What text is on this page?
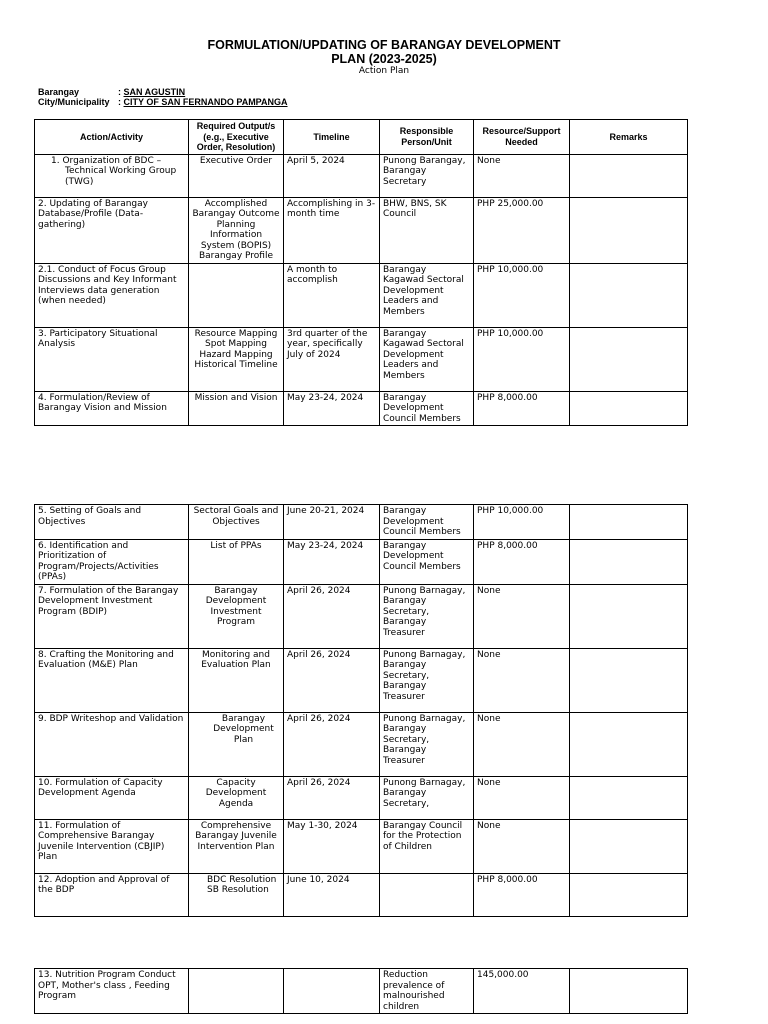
FORMULATION/UPDATING OF BARANGAY DEVELOPMENT
PLAN (2023-2025)
Action Plan
Barangay	: SAN AGUSTIN
City/Municipality : CITY OF SAN FERNANDO PAMPANGA
Action/Activity	Required Output/s (e.g., Executive Order, Resolution)	Timeline	Responsible Person/Unit	Resource/Support Needed	Remarks
1. Organization of BDC – Technical Working Group (TWG)	Executive Order	April 5, 2024	Punong Barangay, Barangay Secretary	None	
2. Updating of Barangay Database/Profile (Data-gathering)	Accomplished Barangay Outcome Planning Information System (BOPIS) Barangay Profile	Accomplishing in 3-month time	BHW, BNS, SK Council	PHP 25,000.00	
2.1. Conduct of Focus Group Discussions and Key Informant Interviews data generation (when needed)		A month to accomplish	Barangay Kagawad Sectoral Development Leaders and Members	PHP 10,000.00	
3. Participatory Situational Analysis	Resource Mapping Spot Mapping Hazard Mapping Historical Timeline	3rd quarter of the year, specifically July of 2024	Barangay Kagawad Sectoral Development Leaders and Members	PHP 10,000.00	
4. Formulation/Review of Barangay Vision and Mission	Mission and Vision	May 23-24, 2024	Barangay Development Council Members	PHP 8,000.00	
5. Setting of Goals and Objectives	Sectoral Goals and Objectives	June 20-21, 2024	Barangay Development Council Members	PHP 10,000.00	
6. Identification and Prioritization of Program/Projects/Activities (PPAs)	List of PPAs	May 23-24, 2024	Barangay Development Council Members	PHP 8,000.00	
7. Formulation of the Barangay Development Investment Program (BDIP)	Barangay Development Investment Program	April 26, 2024	Punong Barnagay, Barangay Secretary, Barangay Treasurer	None	
8. Crafting the Monitoring and Evaluation (M&E) Plan	Monitoring and Evaluation Plan	April 26, 2024	Punong Barnagay, Barangay Secretary, Barangay Treasurer	None	
9. BDP Writeshop and Validation	Barangay Development Plan	April 26, 2024	Punong Barnagay, Barangay Secretary, Barangay Treasurer	None	
10. Formulation of Capacity Development Agenda	Capacity Development Agenda	April 26, 2024	Punong Barnagay, Barangay Secretary,	None	
11. Formulation of Comprehensive Barangay Juvenile Intervention (CBJIP) Plan	Comprehensive Barangay Juvenile Intervention Plan	May 1-30, 2024	Barangay Council for the Protection of Children	None	
12. Adoption and Approval of the BDP	BDC Resolution SB Resolution	June 10, 2024		PHP 8,000.00	
13. Nutrition Program Conduct OPT, Mother's class , Feeding Program			Reduction prevalence of malnourished children	145,000.00	
